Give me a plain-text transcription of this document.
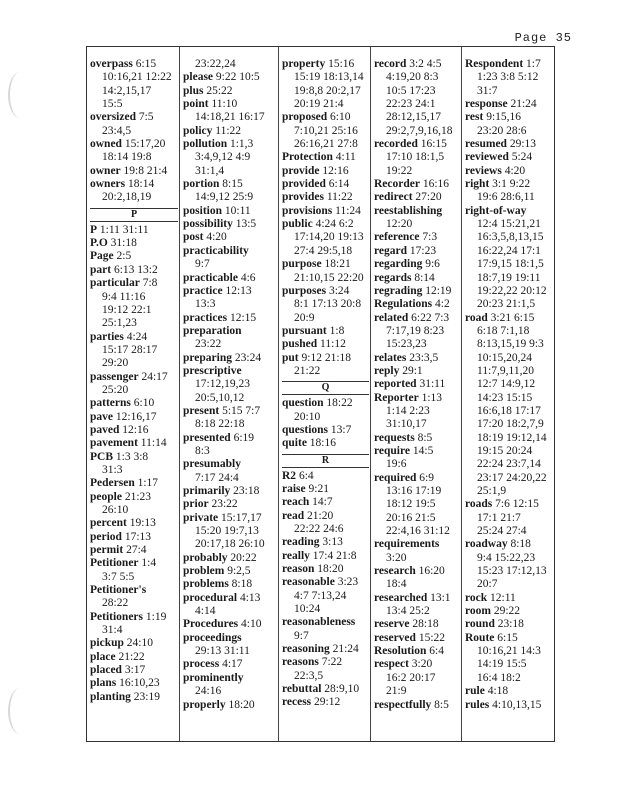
Page 35
overpass 6:15
10:16,21 12:22
14:2,15,17
15:5
oversized 7:5
23:4,5
owned 15:17,20
18:14 19:8
owner 19:8 21:4
owners 18:14
20:2,18,19
P
P 1:11 31:11
P.O 31:18
Page 2:5
part 6:13 13:2
particular 7:8
9:4 11:16
19:12 22:1
25:1,23
parties 4:24
15:17 28:17
29:20
passenger 24:17
25:20
patterns 6:10
pave 12:16,17
paved 12:16
pavement 11:14
PCB 1:3 3:8
31:3
Pedersen 1:17
people 21:23
26:10
percent 19:13
period 17:13
permit 27:4
Petitioner 1:4
3:7 5:5
Petitioner's
28:22
Petitioners 1:19
31:4
pickup 24:10
place 21:22
placed 3:17
plans 16:10,23
planting 23:19
23:22,24
please 9:22 10:5
plus 25:22
point 11:10
14:18,21 16:17
policy 11:22
pollution 1:1,3
3:4,9,12 4:9
31:1,4
portion 8:15
14:9,12 25:9
position 10:11
possibility 13:5
post 4:20
practicability
9:7
practicable 4:6
practice 12:13
13:3
practices 12:15
preparation
23:22
preparing 23:24
prescriptive
17:12,19,23
20:5,10,12
present 5:15 7:7
8:18 22:18
presented 6:19
8:3
presumably
7:17 24:4
primarily 23:18
prior 23:22
private 15:17,17
15:20 19:7,13
20:17,18 26:10
probably 20:22
problem 9:2,5
problems 8:18
procedural 4:13
4:14
Procedures 4:10
proceedings
29:13 31:11
process 4:17
prominently
24:16
properly 18:20
property 15:16
15:19 18:13,14
19:8,8 20:2,17
20:19 21:4
proposed 6:10
7:10,21 25:16
26:16,21 27:8
Protection 4:11
provide 12:16
provided 6:14
provides 11:22
provisions 11:24
public 4:24 6:2
17:14,20 19:13
27:4 29:5,18
purpose 18:21
21:10,15 22:20
purposes 3:24
8:1 17:13 20:8
20:9
pursuant 1:8
pushed 11:12
put 9:12 21:18
21:22
Q
question 18:22
20:10
questions 13:7
quite 18:16
R
R2 6:4
raise 9:21
reach 14:7
read 21:20
22:22 24:6
reading 3:13
really 17:4 21:8
reason 18:20
reasonable 3:23
4:7 7:13,24
10:24
reasonableness
9:7
reasoning 21:24
reasons 7:22
22:3,5
rebuttal 28:9,10
recess 29:12
record 3:2 4:5
4:19,20 8:3
10:5 17:23
22:23 24:1
28:12,15,17
29:2,7,9,16,18
recorded 16:15
17:10 18:1,5
19:22
Recorder 16:16
redirect 27:20
reestablishing
12:20
reference 7:3
regard 17:23
regarding 9:6
regards 8:14
regrading 12:19
Regulations 4:2
related 6:22 7:3
7:17,19 8:23
15:23,23
relates 23:3,5
reply 29:1
reported 31:11
Reporter 1:13
1:14 2:23
31:10,17
requests 8:5
require 14:5
19:6
required 6:9
13:16 17:19
18:12 19:5
20:16 21:5
22:4,16 31:12
requirements
3:20
research 16:20
18:4
researched 13:1
13:4 25:2
reserve 28:18
reserved 15:22
Resolution 6:4
respect 3:20
16:2 20:17
21:9
respectfully 8:5
Respondent 1:7
1:23 3:8 5:12
31:7
response 21:24
rest 9:15,16
23:20 28:6
resumed 29:13
reviewed 5:24
reviews 4:20
right 3:1 9:22
19:6 28:6,11
right-of-way
12:4 15:21,21
16:3,5,8,13,15
16:22,24 17:1
17:9,15 18:1,5
18:7,19 19:11
19:22,22 20:12
20:23 21:1,5
road 3:21 6:15
6:18 7:1,18
8:13,15,19 9:3
10:15,20,24
11:7,9,11,20
12:7 14:9,12
14:23 15:15
16:6,18 17:17
17:20 18:2,7,9
18:19 19:12,14
19:15 20:24
22:24 23:7,14
23:17 24:20,22
25:1,9
roads 7:6 12:15
17:1 21:7
25:24 27:4
roadway 8:18
9:4 15:22,23
15:23 17:12,13
20:7
rock 12:11
room 29:22
round 23:18
Route 6:15
10:16,21 14:3
14:19 15:5
16:4 18:2
rule 4:18
rules 4:10,13,15
